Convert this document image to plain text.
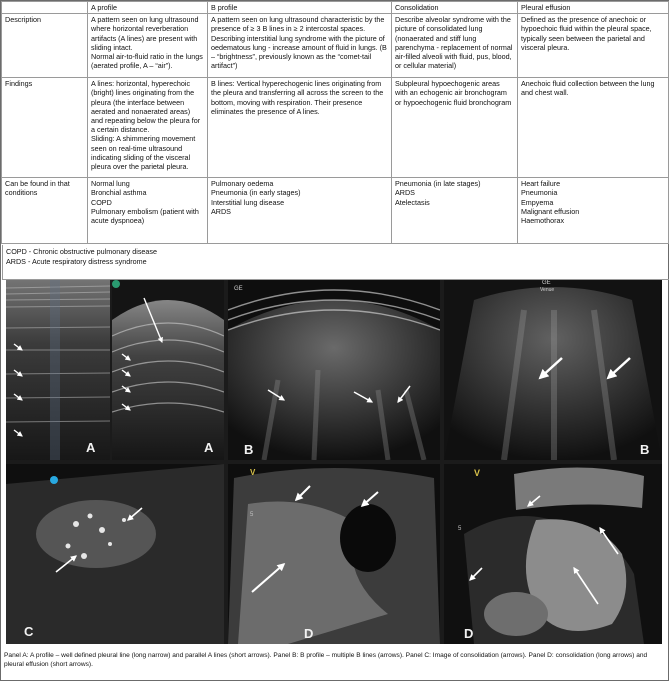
	A profile	B profile	Consolidation	Pleural effusion
Description	A pattern seen on lung ultrasound where horizontal reverberation artifacts (A lines) are present with sliding intact.
Normal air-to-fluid ratio in the lungs (aerated profile, A – “air”).	A pattern seen on lung ultrasound characteristic by the presence of ≥ 3 B lines in ≥ 2 intercostal spaces. Describing interstitial lung syndrome with the picture of oedematous lung - increase amount of fluid in lungs. (B – “brightness”, previously known as the “comet-tail artifact”)	Describe alveolar syndrome with the picture of consolidated lung (nonaerated and stiff lung parenchyma - replacement of normal air-filled alveoli with fluid, pus, blood, or cellular material)	Defined as the presence of anechoic or hypoechoic fluid within the pleural space, typically seen between the parietal and visceral pleura.

Findings	A lines: horizontal, hyperechoic (bright) lines originating from the pleura (the interface between aerated and nonaerated areas) and repeating below the pleura for a certain distance.
Sliding: A shimmering movement seen on real-time ultrasound indicating sliding of the visceral pleura over the parietal pleura.	B lines: Vertical hyperechogenic lines originating from the pleura and transferring all across the screen to the bottom, moving with respiration. Their presence eliminates the presence of A lines.	Subpleural hypoechogenic areas with an echogenic air bronchogram or hypoechogenic fluid bronchogram	Anechoic fluid collection between the lung and chest wall.

Can be found in that conditions	Normal lung
Bronchial asthma
COPD
Pulmonary embolism (patient with acute dyspnoea)	Pulmonary oedema
Pneumonia (in early stages)
Interstitial lung disease
ARDS	Pneumonia (in late stages)
ARDS
Atelectasis	Heart failure
Pneumonia
Empyema
Malignant effusion
Haemothorax
COPD - Chronic obstructive pulmonary disease
ARDS - Acute respiratory distress syndrome
A	A
GE
B
GE
Venue
B
C
V
5
D
V
5
D
Panel A: A profile – well defined pleural line (long narrow) and parallel A lines (short arrows). Panel B: B profile – multiple B lines (arrows). Panel C: Image of consolidation (arrows). Panel D: consolidation (long arrows) and pleural effusion (short arrows).
